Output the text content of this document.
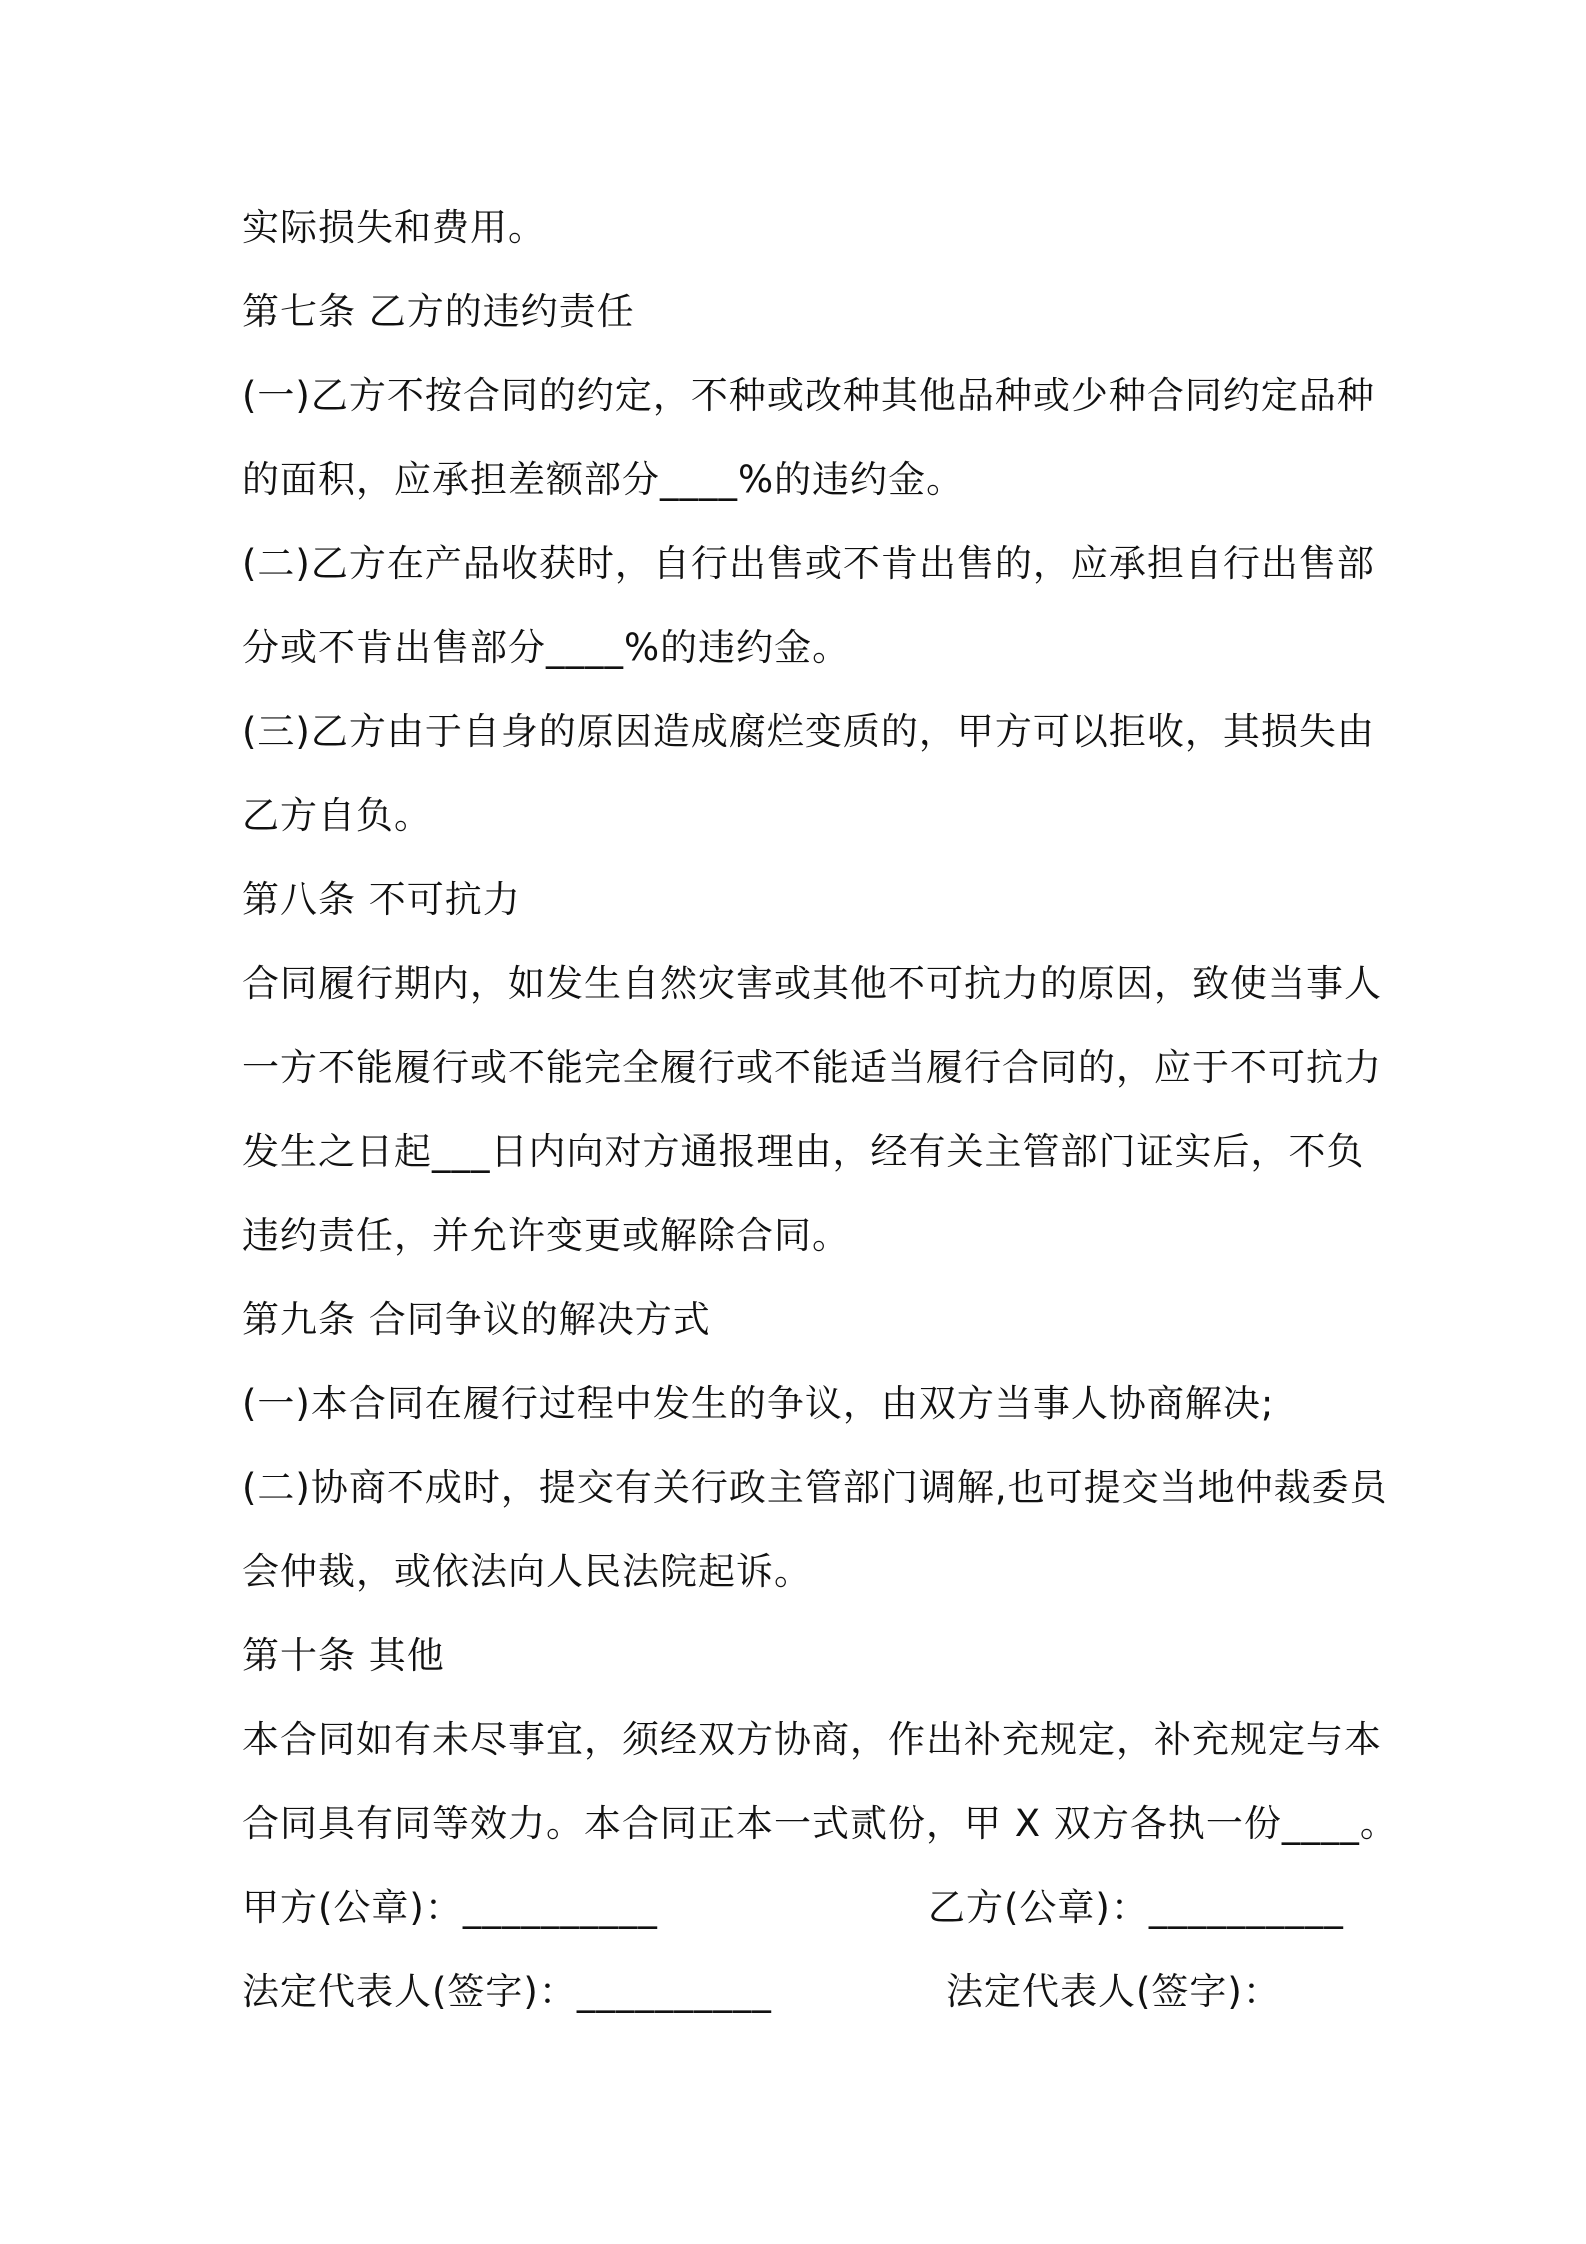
实际损失和费用。
第七条 乙方的违约责任
(一)乙方不按合同的约定，不种或改种其他品种或少种合同约定品种
的面积，应承担差额部分____%的违约金。
(二)乙方在产品收获时，自行出售或不肯出售的，应承担自行出售部
分或不肯出售部分____%的违约金。
(三)乙方由于自身的原因造成腐烂变质的，甲方可以拒收，其损失由
乙方自负。
第八条 不可抗力
合同履行期内，如发生自然灾害或其他不可抗力的原因，致使当事人
一方不能履行或不能完全履行或不能适当履行合同的，应于不可抗力
发生之日起___日内向对方通报理由，经有关主管部门证实后，不负
违约责任，并允许变更或解除合同。
第九条 合同争议的解决方式
(一)本合同在履行过程中发生的争议，由双方当事人协商解决;
(二)协商不成时，提交有关行政主管部门调解,也可提交当地仲裁委员
会仲裁，或依法向人民法院起诉。
第十条 其他
本合同如有未尽事宜，须经双方协商，作出补充规定，补充规定与本
合同具有同等效力。本合同正本一式贰份，甲 X 双方各执一份____。
甲方(公章)：__________	乙方(公章)：__________
法定代表人(签字)：__________	法定代表人(签字)：
